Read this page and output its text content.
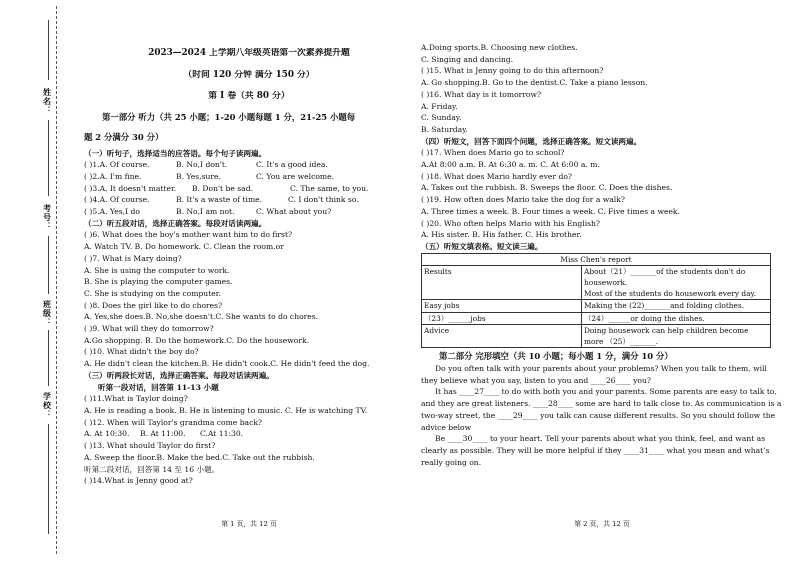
姓名：
考号：
班级：
学校：
2023—2024 上学期八年级英语第一次素养提升题
（时间 120 分钟 满分 150 分）
第 I 卷（共 80 分）
第一部分 听力（共 25 小题；1-20 小题每题 1 分，21-25 小题每
题 2 分满分 30 分）
（一）听句子，选择适当的应答语。每个句子读两遍。
( )1.A. Of course.	B. No,I don't.	C. It's a good idea.
( )2.A. I'm fine.	B. Yes,sure.	C. You are welcome.
( )3.A. It doesn't matter. B. Don't be sad.	C. The same, to you.
( )4.A. Of course.	B. It's a waste of time.	C. I don't think so.
( )5.A. Yes,I do	B. No,I am not.	C. What about you?
（二）听五段对话，选择正确答案。每段对话读两遍。
( )6. What does the boy's mother want him to do first?
A. Watch TV. B. Do homework. C. Clean the room.or
( )7. What is Mary doing?
A. She is using the computer to work.
B. She is playing the computer games.
C. She is studying on the computer.
( )8. Does the girl like to do chores?
A. Yes,she does.B. No,she doesn't.C. She wants to do chores.
( )9. What will they do tomorrow?
A.Go shopping. B. Do the homework.C. Do the housework.
( )10. What didn't the boy do?
A. He didn't clean the kitchen.B. He didn't cook.C. He didn't feed the dog.
（三）听两段长对话，选择正确答案。每段对话读两遍。
听第一段对话，回答第 11-13 小题
( )11.What is Taylor doing?
A. He is reading a book. B. He is listening to music. C. He is watching TV.
( )12. When will Taylor's grandma come back?
A. At 10:30. B. At 11:00. C.At 11:30.
( )13. What should Taylor do first?
A. Sweep the floor.B. Make the bed.C. Take out the rubbish.
听第二段对话，回答第 14 至 16 小题。
( )14.What is Jenny good at?
第 1 页，共 12 页
A.Doing sports.B. Choosing new clothes.
C. Singing and dancing.
( )15. What is Jenny going to do this afternoon?
A. Go shopping.B. Go to the dentist.C. Take a piano lesson.
( )16. What day is it tomorrow?
A. Friday.
C. Sunday.
B. Saturday.
（四）听短文，回答下面四个问题，选择正确答案。短文读两遍。
( )17. When does Mario go to school?
A.At 8:00 a.m. B. At 6:30 a. m. C. At 6:00 a. m.
( )18. What does Mario hardly ever do?
A. Takes out the rubbish. B. Sweeps the floor. C. Does the dishes.
( )19. How often does Mario take the dog for a walk?
A. Three times a week. B. Four times a week. C. Five times a week.
( )20. Who often helps Mario with his English?
A. His sister. B. His father. C. His brother.
（五）听短文填表格。短文读三遍。
Miss Chen's report	
Results	About（21）_______of the students don't do housework.
Most of the students do housework every day.

Easy jobs	Making the (22)_______and folding clothes.
（23）______jobs	（24）______or doing the dishes.
Advice	Doing housework can help children become more （25）_______.
第二部分 完形填空（共 10 小题；每小题 1 分，满分 10 分）
Do you often talk with your parents about your problems? When you talk to them, will they believe what you say, listen to you and ____26____ you?
It has ____27____ to do with both you and your parents. Some parents are easy to talk to, and they are great listeners. ____28____ some are hard to talk close to. As communication is a two-way street, the ____29____ you talk can cause different results. So you should follow the advice below
Be ____30____ to your heart. Tell your parents about what you think, feel, and want as clearly as possible. They will be more helpful if they ____31____ what you mean and what’s really going on.
第 2 页，共 12 页
